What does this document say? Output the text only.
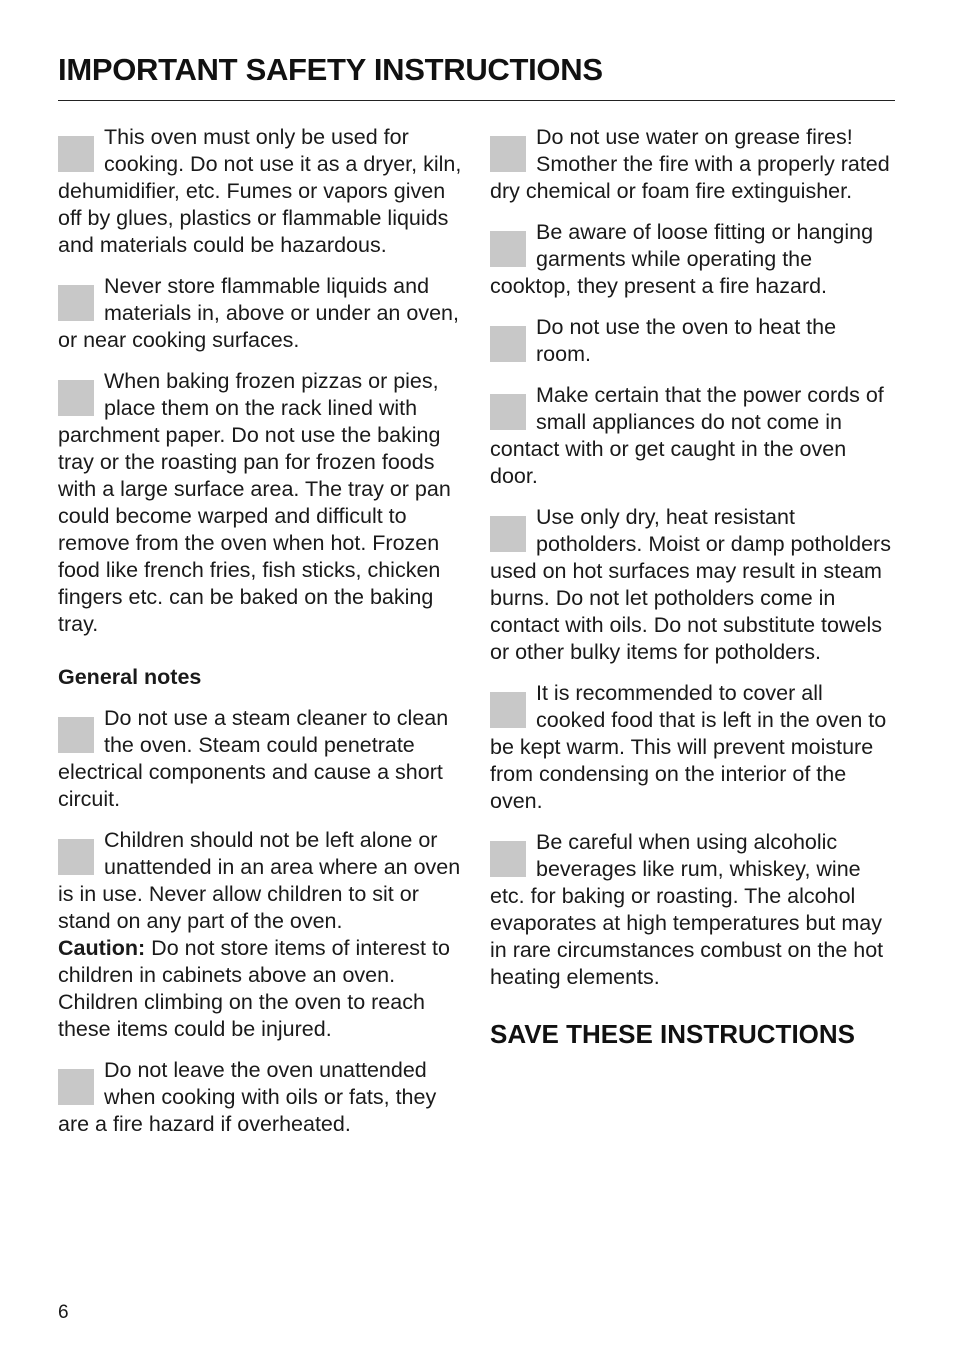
IMPORTANT SAFETY INSTRUCTIONS

This oven must only be used for cooking. Do not use it as a dryer, kiln, dehumidifier, etc. Fumes or vapors given off by glues, plastics or flammable liquids and materials could be hazardous.

Never store flammable liquids and materials in, above or under an oven, or near cooking surfaces.

When baking frozen pizzas or pies, place them on the rack lined with parchment paper. Do not use the baking tray or the roasting pan for frozen foods with a large surface area. The tray or pan could become warped and difficult to remove from the oven when hot. Frozen food like french fries, fish sticks, chicken fingers etc. can be baked on the baking tray.

General notes

Do not use a steam cleaner to clean the oven. Steam could penetrate electrical components and cause a short circuit.

Children should not be left alone or unattended in an area where an oven is in use. Never allow children to sit or stand on any part of the oven.
Caution: Do not store items of interest to children in cabinets above an oven. Children climbing on the oven to reach these items could be injured.

Do not leave the oven unattended when cooking with oils or fats, they are a fire hazard if overheated.

Do not use water on grease fires! Smother the fire with a properly rated dry chemical or foam fire extinguisher.

Be aware of loose fitting or hanging garments while operating the cooktop, they present a fire hazard.

Do not use the oven to heat the room.

Make certain that the power cords of small appliances do not come in contact with or get caught in the oven door.

Use only dry, heat resistant potholders. Moist or damp potholders used on hot surfaces may result in steam burns. Do not let potholders come in contact with oils. Do not substitute towels or other bulky items for potholders.

It is recommended to cover all cooked food that is left in the oven to be kept warm. This will prevent moisture from condensing on the interior of the oven.

Be careful when using alcoholic beverages like rum, whiskey, wine etc. for baking or roasting. The alcohol evaporates at high temperatures but may in rare circumstances combust on the hot heating elements.

SAVE THESE INSTRUCTIONS
6
